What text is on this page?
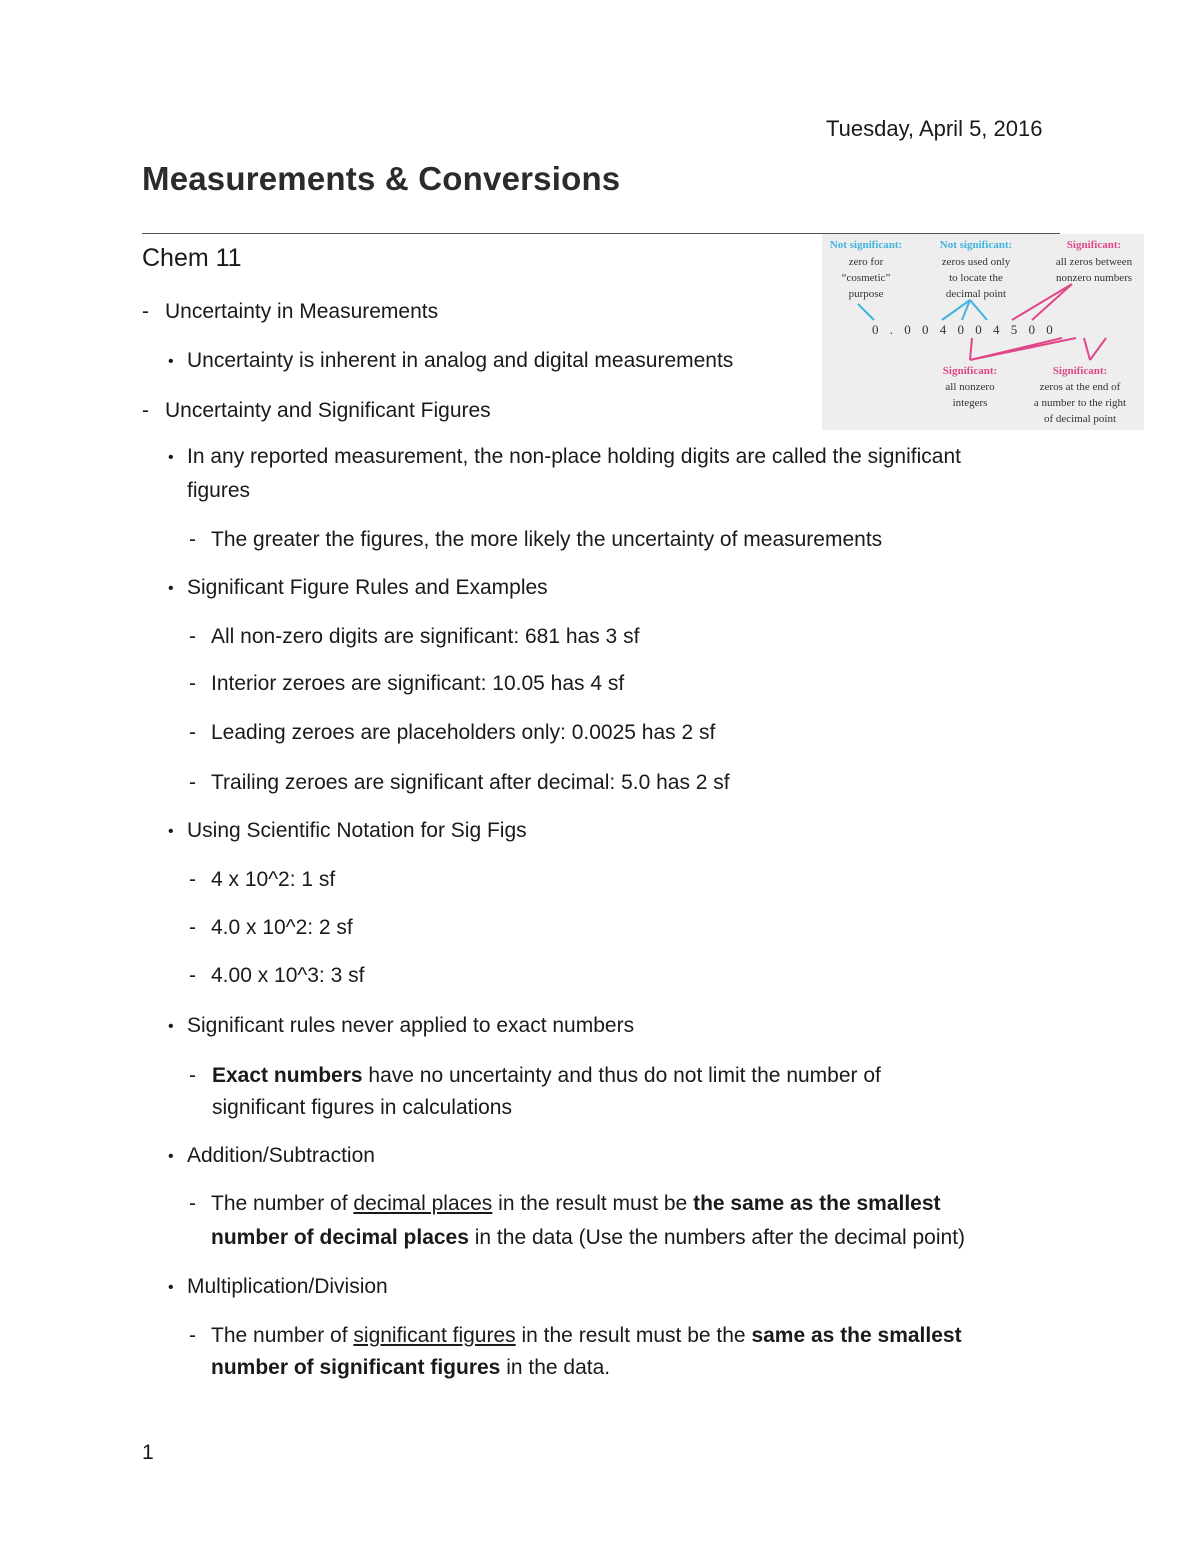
Tuesday, April 5, 2016
Measurements & Conversions
Chem 11
- Uncertainty in Measurements
• Uncertainty is inherent in analog and digital measurements
- Uncertainty and Significant Figures
• In any reported measurement, the non-place holding digits are called the significant
figures
- The greater the figures, the more likely the uncertainty of measurements
• Significant Figure Rules and Examples
- All non-zero digits are significant: 681 has 3 sf
- Interior zeroes are significant: 10.05 has 4 sf
- Leading zeroes are placeholders only: 0.0025 has 2 sf
- Trailing zeroes are significant after decimal: 5.0 has 2 sf
• Using Scientific Notation for Sig Figs
- 4 x 10^2: 1 sf
- 4.0 x 10^2: 2 sf
- 4.00 x 10^3: 3 sf
• Significant rules never applied to exact numbers
- Exact numbers have no uncertainty and thus do not limit the number of
significant figures in calculations
• Addition/Subtraction
- The number of decimal places in the result must be the same as the smallest
number of decimal places in the data (Use the numbers after the decimal point)
• Multiplication/Division
- The number of significant figures in the result must be the same as the smallest
number of significant figures in the data.
Not significant:
zero for
“cosmetic”
purpose
Not significant:
zeros used only
to locate the
decimal point
Significant:
all zeros between
nonzero numbers
Significant:
all nonzero
integers
Significant:
zeros at the end of
a number to the right
of decimal point
0 . 0 0 4 0 0 4 5 0 0
1
